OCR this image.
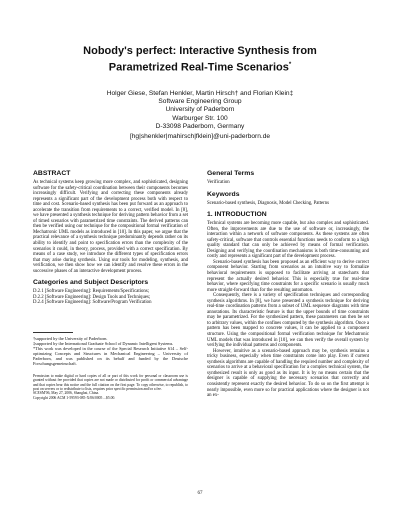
Nobody's perfect: Interactive Synthesis from
Parametrized Real-Time Scenarios*
Holger Giese, Stefan Henkler, Martin Hirsch† and Florian Klein‡
Software Engineering Group
University of Paderborn
Warburger Str. 100
D-33098 Paderborn, Germany
[hg|shenkler|mahirsch|fklein]@uni-paderborn.de
ABSTRACT

As technical systems keep growing more complex, and sophisticated, designing software for the safety-critical coordination between their components becomes increasingly difficult. Verifying and correcting these components already represents a significant part of the development process both with respect to time and cost. Scenario-based synthesis has been put forward as an approach to accelerate the transition from requirements to a correct, verified model. In [8], we have presented a synthesis technique for deriving pattern behavior from a set of timed scenarios with parametrized time constraints. The derived patterns can then be verified using our technique for the compositional formal verification of Mechatronic UML models as introduced in [10]. In this paper, we argue that the practical relevance of a synthesis technique predominantly depends rather on its ability to identify and point to specification errors than the complexity of the scenarios it could, in theory, process, provided with a correct specification. By means of a case study, we introduce the different types of specification errors that may arise during synthesis. Using our tools for modeling, synthesis, and verification, we then show how we can identify and resolve these errors in the successive phases of an interactive development process.

Categories and Subject Descriptors

D.2.1 [Software Engineering]: Requirements/Specifications;

D.2.2 [Software Engineering]: Design Tools and Techniques;

D.2.4 [Software Engineering]: Software/Program Verification

†supported by the University of Paderborn.

‡supported by the International Graduate School of Dynamic Intelligent Systems.

*This work was developed in the course of the Special Research Initiative 614 – Self-optimizing Concepts and Structures in Mechanical Engineering – University of Paderborn, and was published on its behalf and funded by the Deutsche Forschungsgemeinschaft.

Permission to make digital or hard copies of all or part of this work for personal or classroom use is granted without fee provided that copies are not made or distributed for profit or commercial advantage and that copies bear this notice and the full citation on the first page. To copy otherwise, to republish, to post on servers or to redistribute to lists, requires prior specific permission and/or a fee.

SCESM'06, May 27, 2006, Shanghai, China.

Copyright 2006 ACM 1-59593-085-X/06/0005 ...$5.00.

General Terms

Verification

Keywords

Scenario-based synthesis, Diagnosis, Model Checking, Patterns

1. INTRODUCTION

Technical systems are becoming more capable, but also complex and sophisticated. Often, the improvements are due to the use of software or, increasingly, the interaction within a network of software components. As these systems are often safety-critical, software that controls essential functions needs to conform to a high quality standard that can only be achieved by means of formal verification. Designing and verifying the coordination mechanisms is both time-consuming and costly and represents a significant part of the development process.

Scenario-based synthesis has been proposed as an efficient way to derive correct component behavior. Starting from scenarios as an intuitive way to formalize behavioral requirements is supposed to facilitate arriving at statecharts that represent the actually desired behavior. This is especially true for real-time behavior, where specifying time constraints for a specific scenario is usually much more straight-forward than for the resulting automaton.

Consequently, there is a variety of specification techniques and corresponding synthesis algorithms. In [8], we have presented a synthesis technique for deriving real-time coordination patterns from a subset of UML sequence diagrams with time annotations. Its characteristic feature is that the upper bounds of time constraints may be parametrized. For the synthesized pattern, these parameters can then be set to arbitrary values, within the confines computed by the synthesis algorithm. Once a pattern has been mapped to concrete values, it can be applied to a component structure. Using the compositional formal verification technique for Mechatronic UML models that was introduced in [10], we can then verify the overall system by verifying the individual patterns and components.

However, intuitive as a scenario-based approach may be, synthesis remains a tricky business, especially when time constraints come into play. Even if current synthesis algorithms are capable of handling the required number and complexity of scenarios to arrive at a behavioral specification for a complex technical system, the synthesized result is only as good as its input. It is by no means certain that the designer is capable of supplying the necessary scenarios that correctly and consistently represent exactly the desired behavior. To do so on the first attempt is nearly impossible, even more so for practical applications where the designer is not an ex-

67
